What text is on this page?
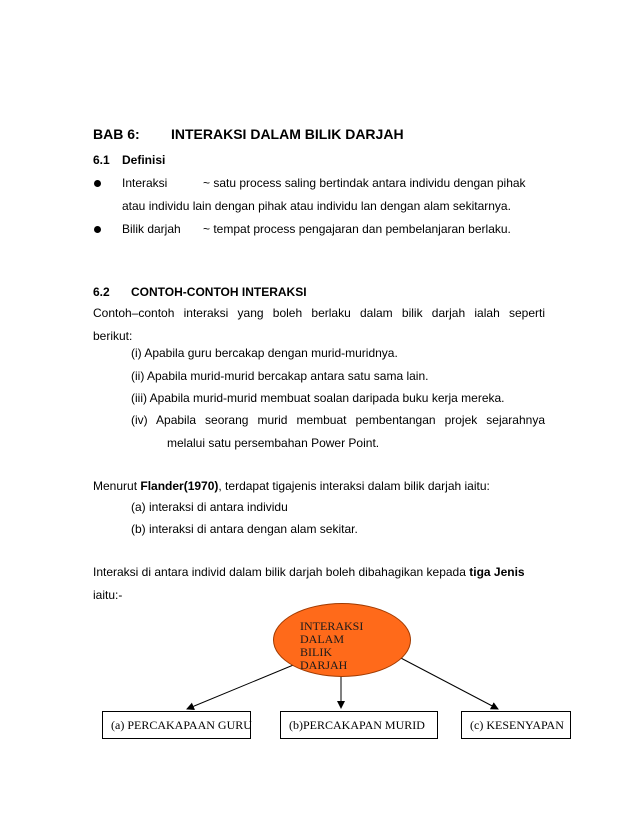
BAB 6: INTERAKSI DALAM BILIK DARJAH
6.1 Definisi
Interaksi	~ satu process saling bertindak antara individu dengan pihak
atau individu lain dengan pihak atau individu lan dengan alam sekitarnya.
Bilik darjah ~ tempat process pengajaran dan pembelanjaran berlaku.
6.2 CONTOH-CONTOH INTERAKSI
Contoh–contoh interaksi yang boleh berlaku dalam bilik darjah ialah seperti
berikut:
(i) Apabila guru bercakap dengan murid-muridnya.
(ii) Apabila murid-murid bercakap antara satu sama lain.
(iii) Apabila murid-murid membuat soalan daripada buku kerja mereka.
(iv) Apabila seorang murid membuat pembentangan projek sejarahnya
melalui satu persembahan Power Point.
Menurut Flander(1970), terdapat tigajenis interaksi dalam bilik darjah iaitu:
(a) interaksi di antara individu
(b) interaksi di antara dengan alam sekitar.
Interaksi di antara individ dalam bilik darjah boleh dibahagikan kepada tiga Jenis
iaitu:-
INTERAKSI
DALAM
BILIK
DARJAH
(a) PERCAKAPAAN GURU	(b)PERCAKAPAN MURID	(c) KESENYAPAN
